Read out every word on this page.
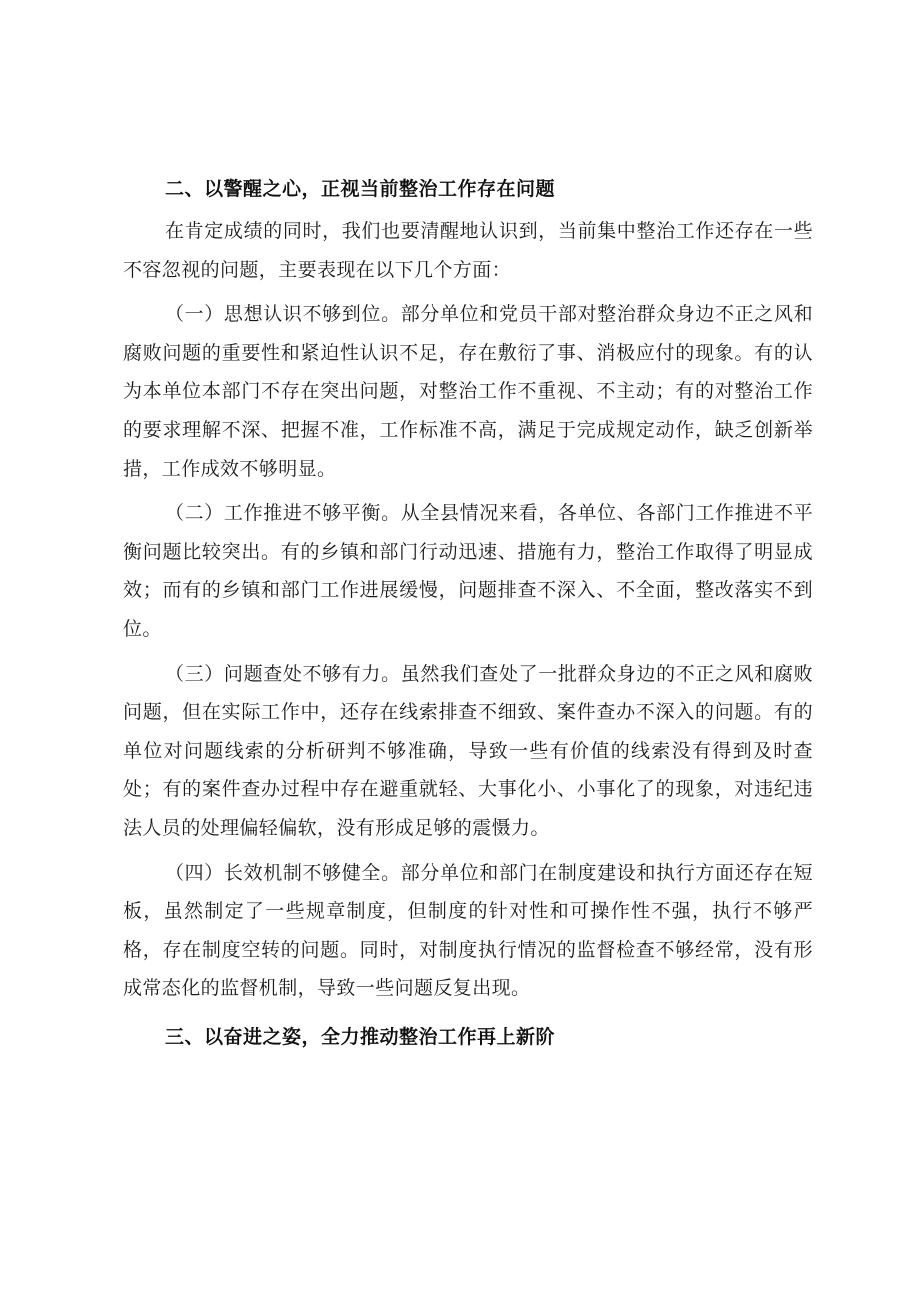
二、以警醒之心，正视当前整治工作存在问题

在肯定成绩的同时，我们也要清醒地认识到，当前集中整治工作还存在一些不容忽视的问题，主要表现在以下几个方面：

（一）思想认识不够到位。部分单位和党员干部对整治群众身边不正之风和腐败问题的重要性和紧迫性认识不足，存在敷衍了事、消极应付的现象。有的认为本单位本部门不存在突出问题，对整治工作不重视、不主动；有的对整治工作的要求理解不深、把握不准，工作标准不高，满足于完成规定动作，缺乏创新举措，工作成效不够明显。

（二）工作推进不够平衡。从全县情况来看，各单位、各部门工作推进不平衡问题比较突出。有的乡镇和部门行动迅速、措施有力，整治工作取得了明显成效；而有的乡镇和部门工作进展缓慢，问题排查不深入、不全面，整改落实不到位。

（三）问题查处不够有力。虽然我们查处了一批群众身边的不正之风和腐败问题，但在实际工作中，还存在线索排查不细致、案件查办不深入的问题。有的单位对问题线索的分析研判不够准确，导致一些有价值的线索没有得到及时查处；有的案件查办过程中存在避重就轻、大事化小、小事化了的现象，对违纪违法人员的处理偏轻偏软，没有形成足够的震慑力。

（四）长效机制不够健全。部分单位和部门在制度建设和执行方面还存在短板，虽然制定了一些规章制度，但制度的针对性和可操作性不强，执行不够严格，存在制度空转的问题。同时，对制度执行情况的监督检查不够经常，没有形成常态化的监督机制，导致一些问题反复出现。

三、以奋进之姿，全力推动整治工作再上新阶
